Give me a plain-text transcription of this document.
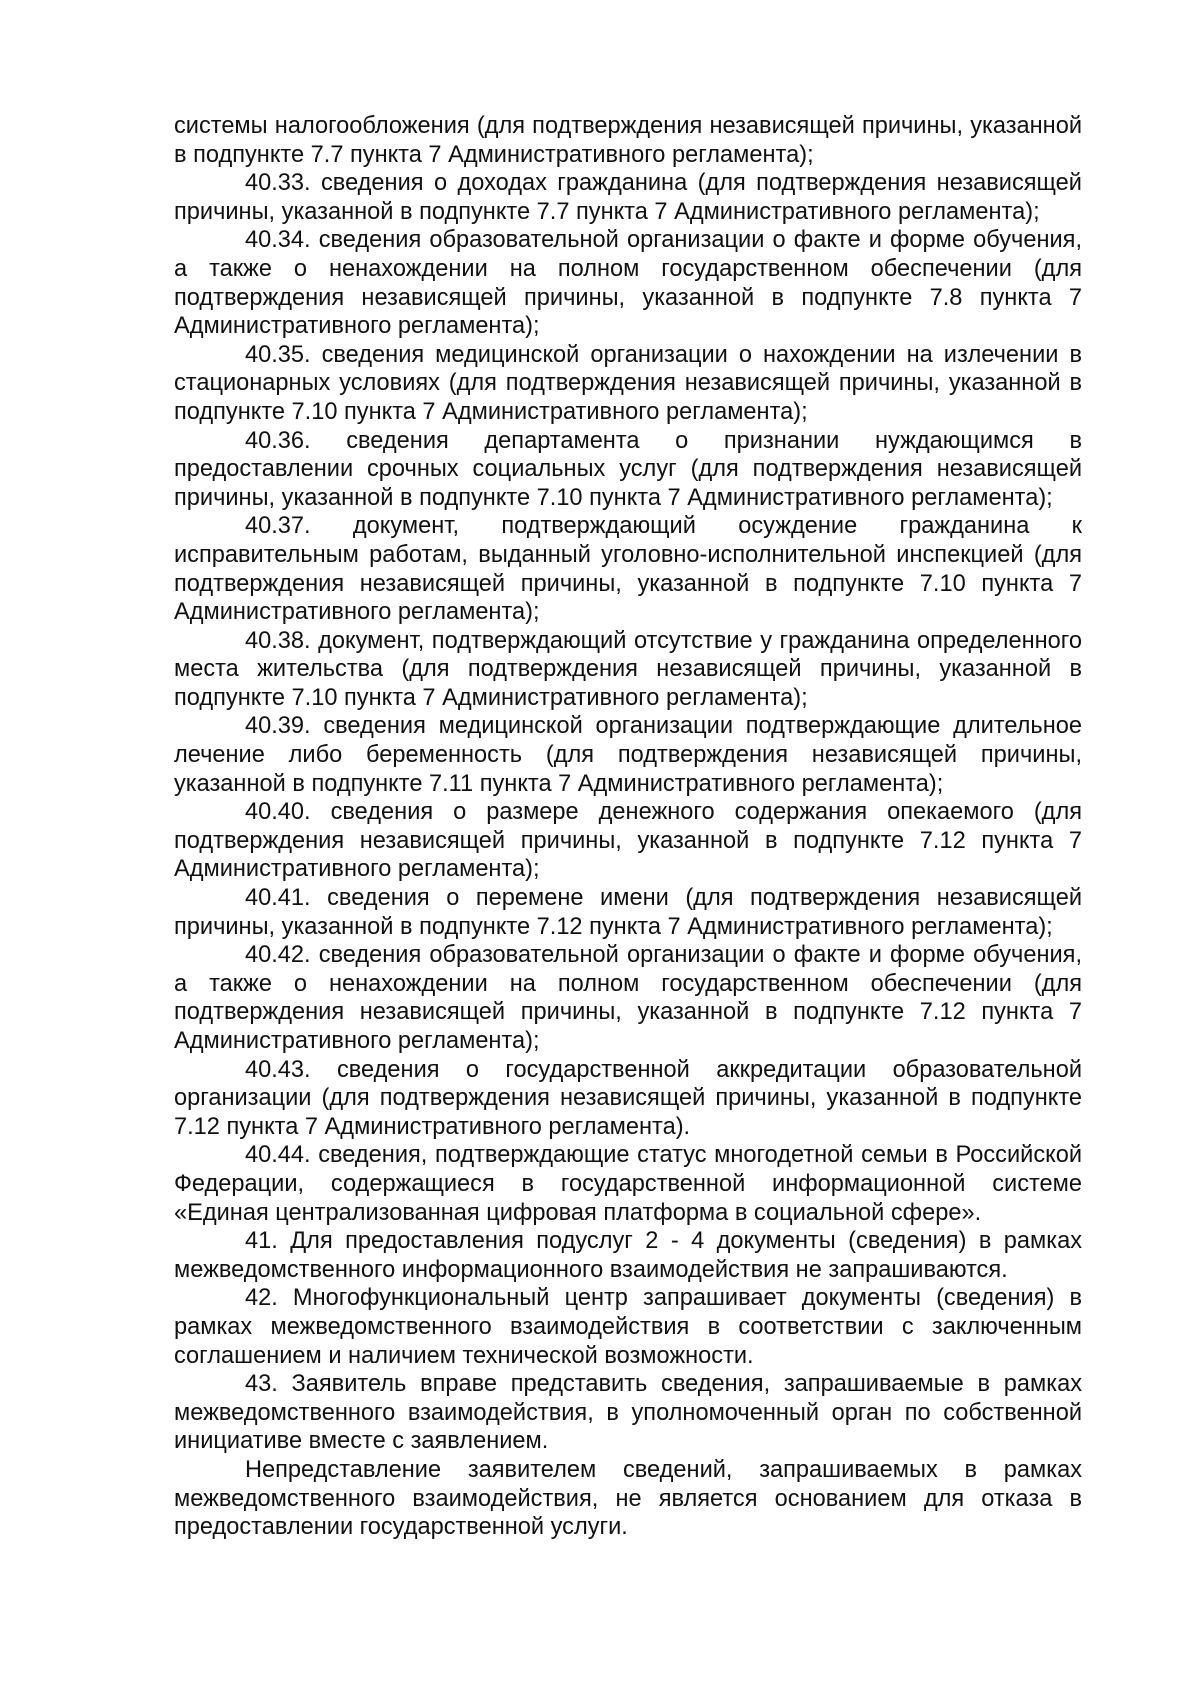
системы налогообложения (для подтверждения независящей причины, указанной в подпункте 7.7 пункта 7 Административного регламента);

40.33. сведения о доходах гражданина (для подтверждения независящей причины, указанной в подпункте 7.7 пункта 7 Административного регламента);

40.34. сведения образовательной организации о факте и форме обучения, а также о ненахождении на полном государственном обеспечении (для подтверждения независящей причины, указанной в подпункте 7.8 пункта 7 Административного регламента);

40.35. сведения медицинской организации о нахождении на излечении в стационарных условиях (для подтверждения независящей причины, указанной в подпункте 7.10 пункта 7 Административного регламента);

40.36. сведения департамента о признании нуждающимся в предоставлении срочных социальных услуг (для подтверждения независящей причины, указанной в подпункте 7.10 пункта 7 Административного регламента);

40.37. документ, подтверждающий осуждение гражданина к исправительным работам, выданный уголовно-исполнительной инспекцией (для подтверждения независящей причины, указанной в подпункте 7.10 пункта 7 Административного регламента);

40.38. документ, подтверждающий отсутствие у гражданина определенного места жительства (для подтверждения независящей причины, указанной в подпункте 7.10 пункта 7 Административного регламента);

40.39. сведения медицинской организации подтверждающие длительное лечение либо беременность (для подтверждения независящей причины, указанной в подпункте 7.11 пункта 7 Административного регламента);

40.40. сведения о размере денежного содержания опекаемого (для подтверждения независящей причины, указанной в подпункте 7.12 пункта 7 Административного регламента);

40.41. сведения о перемене имени (для подтверждения независящей причины, указанной в подпункте 7.12 пункта 7 Административного регламента);

40.42. сведения образовательной организации о факте и форме обучения, а также о ненахождении на полном государственном обеспечении (для подтверждения независящей причины, указанной в подпункте 7.12 пункта 7 Административного регламента);

40.43. сведения о государственной аккредитации образовательной организации (для подтверждения независящей причины, указанной в подпункте 7.12 пункта 7 Административного регламента).

40.44. сведения, подтверждающие статус многодетной семьи в Российской Федерации, содержащиеся в государственной информационной системе «Единая централизованная цифровая платформа в социальной сфере».

41. Для предоставления подуслуг 2 - 4 документы (сведения) в рамках межведомственного информационного взаимодействия не запрашиваются.

42. Многофункциональный центр запрашивает документы (сведения) в рамках межведомственного взаимодействия в соответствии с заключенным соглашением и наличием технической возможности.

43. Заявитель вправе представить сведения, запрашиваемые в рамках межведомственного взаимодействия, в уполномоченный орган по собственной инициативе вместе с заявлением.

Непредставление заявителем сведений, запрашиваемых в рамках межведомственного взаимодействия, не является основанием для отказа в предоставлении государственной услуги.
